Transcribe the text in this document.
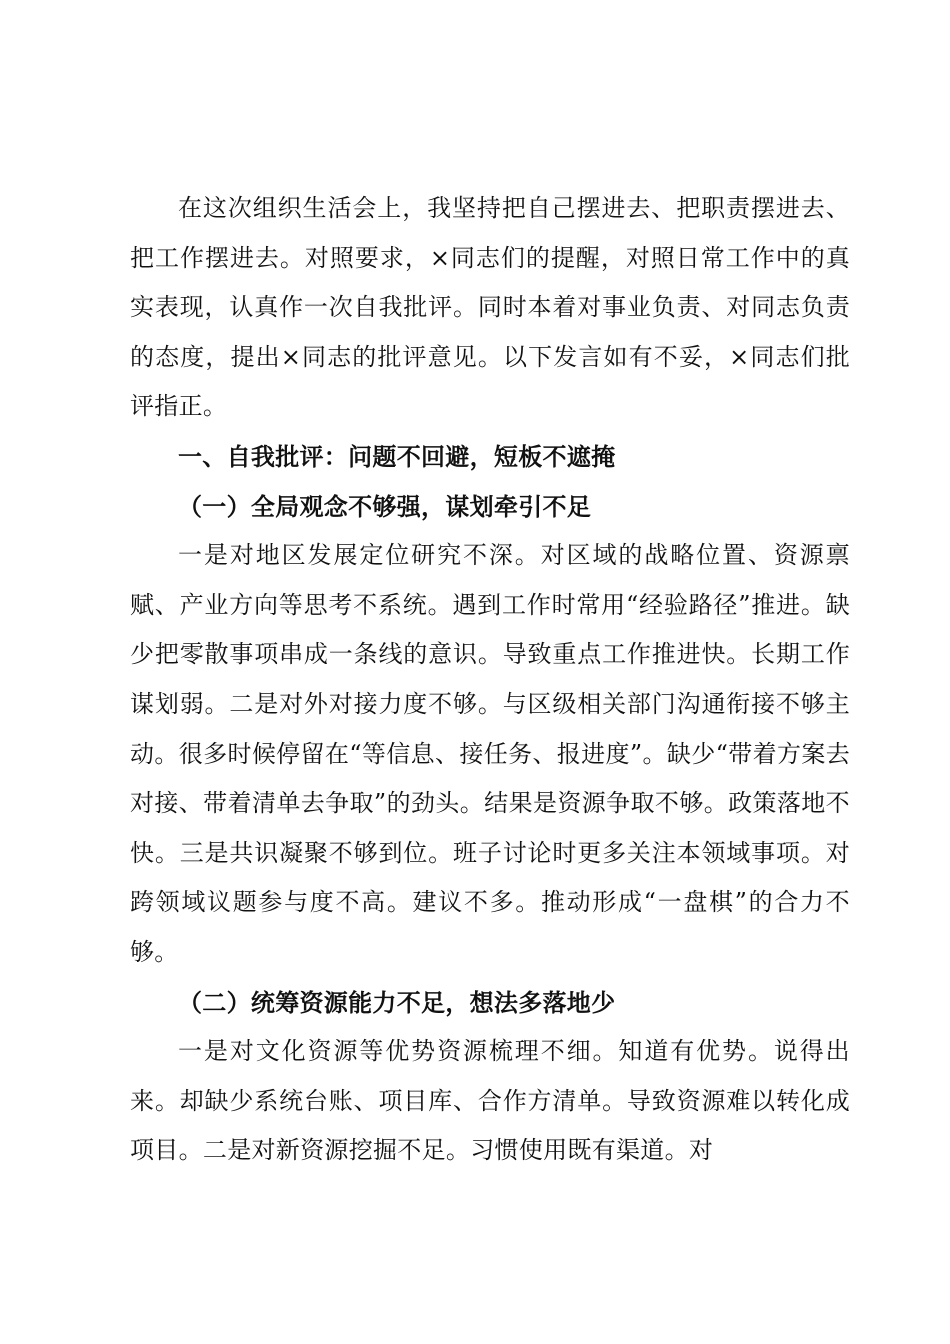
在这次组织生活会上，我坚持把自己摆进去、把职责摆进去、把工作摆进去。对照要求，×同志们的提醒，对照日常工作中的真实表现，认真作一次自我批评。同时本着对事业负责、对同志负责的态度，提出×同志的批评意见。以下发言如有不妥，×同志们批评指正。

一、自我批评：问题不回避，短板不遮掩

（一）全局观念不够强，谋划牵引不足

一是对地区发展定位研究不深。对区域的战略位置、资源禀赋、产业方向等思考不系统。遇到工作时常用“经验路径”推进。缺少把零散事项串成一条线的意识。导致重点工作推进快。长期工作谋划弱。二是对外对接力度不够。与区级相关部门沟通衔接不够主动。很多时候停留在“等信息、接任务、报进度”。缺少“带着方案去对接、带着清单去争取”的劲头。结果是资源争取不够。政策落地不快。三是共识凝聚不够到位。班子讨论时更多关注本领域事项。对跨领域议题参与度不高。建议不多。推动形成“一盘棋”的合力不够。

（二）统筹资源能力不足，想法多落地少

一是对文化资源等优势资源梳理不细。知道有优势。说得出来。却缺少系统台账、项目库、合作方清单。导致资源难以转化成项目。二是对新资源挖掘不足。习惯使用既有渠道。对
